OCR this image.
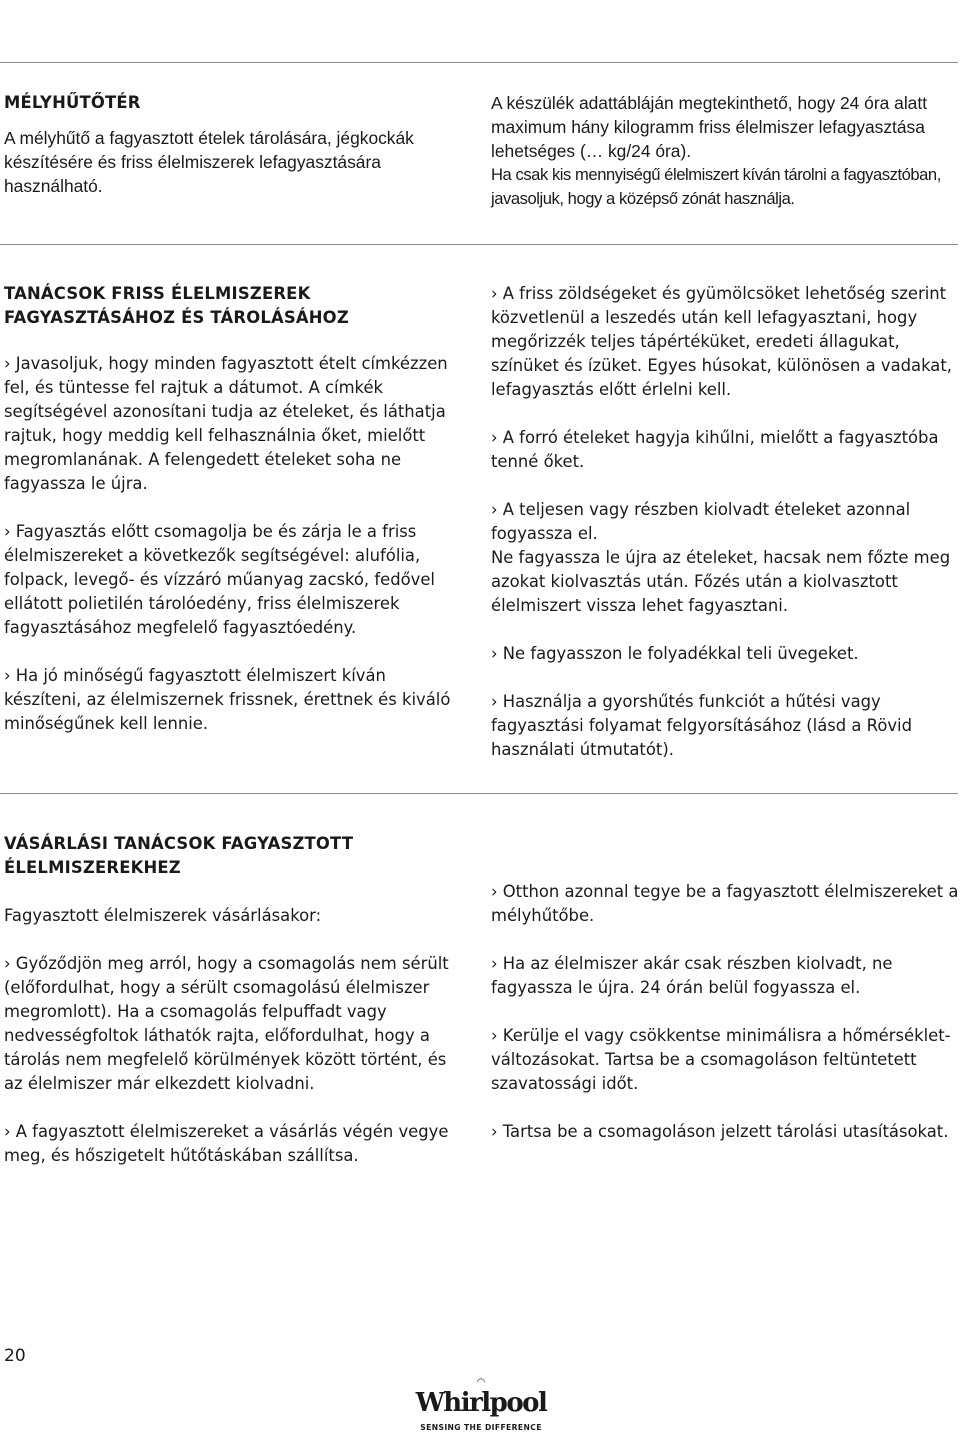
MÉLYHŰTŐTÉR

A mélyhűtő a fagyasztott ételek tárolására, jégkockák készítésére és friss élelmiszerek lefagyasztására használható.

A készülék adattábláján megtekinthető, hogy 24 óra alatt maximum hány kilogramm friss élelmiszer lefagyasztása lehetséges (… kg/24 óra).

Ha csak kis mennyiségű élelmiszert kíván tárolni a fagyasztóban, javasoljuk, hogy a középső zónát használja.

TANÁCSOK FRISS ÉLELMISZEREK

FAGYASZTÁSÁHOZ ÉS TÁROLÁSÁHOZ

› Javasoljuk, hogy minden fagyasztott ételt címkézzen fel, és tüntesse fel rajtuk a dátumot. A címkék segítségével azonosítani tudja az ételeket, és láthatja rajtuk, hogy meddig kell felhasználnia őket, mielőtt megromlanának. A felengedett ételeket soha ne fagyassza le újra.

› Fagyasztás előtt csomagolja be és zárja le a friss élelmiszereket a következők segítségével: alufólia, folpack, levegő- és vízzáró műanyag zacskó, fedővel ellátott polietilén tárolóedény, friss élelmiszerek fagyasztásához megfelelő fagyasztóedény.

› Ha jó minőségű fagyasztott élelmiszert kíván készíteni, az élelmiszernek frissnek, érettnek és kiváló minőségűnek kell lennie.

› A friss zöldségeket és gyümölcsöket lehetőség szerint közvetlenül a leszedés után kell lefagyasztani, hogy megőrizzék teljes tápértéküket, eredeti állagukat, színüket és ízüket. Egyes húsokat, különösen a vadakat, lefagyasztás előtt érlelni kell.

› A forró ételeket hagyja kihűlni, mielőtt a fagyasztóba tenné őket.

› A teljesen vagy részben kiolvadt ételeket azonnal fogyassza el.

Ne fagyassza le újra az ételeket, hacsak nem főzte meg azokat kiolvasztás után. Főzés után a kiolvasztott élelmiszert vissza lehet fagyasztani.

› Ne fagyasszon le folyadékkal teli üvegeket.

› Használja a gyorshűtés funkciót a hűtési vagy fagyasztási folyamat felgyorsításához (lásd a Rövid használati útmutatót).

VÁSÁRLÁSI TANÁCSOK FAGYASZTOTT

ÉLELMISZEREKHEZ

Fagyasztott élelmiszerek vásárlásakor:

› Győződjön meg arról, hogy a csomagolás nem sérült (előfordulhat, hogy a sérült csomagolású élelmiszer megromlott). Ha a csomagolás felpuffadt vagy nedvességfoltok láthatók rajta, előfordulhat, hogy a tárolás nem megfelelő körülmények között történt, és az élelmiszer már elkezdett kiolvadni.

› A fagyasztott élelmiszereket a vásárlás végén vegye meg, és hőszigetelt hűtőtáskában szállítsa.

› Otthon azonnal tegye be a fagyasztott élelmiszereket a mélyhűtőbe.

› Ha az élelmiszer akár csak részben kiolvadt, ne fagyassza le újra. 24 órán belül fogyassza el.

› Kerülje el vagy csökkentse minimálisra a hőmérséklet-változásokat. Tartsa be a csomagoláson feltüntetett szavatossági időt.

› Tartsa be a csomagoláson jelzett tárolási utasításokat.

20
◠
Whirlpool
SENSING THE DIFFERENCE
